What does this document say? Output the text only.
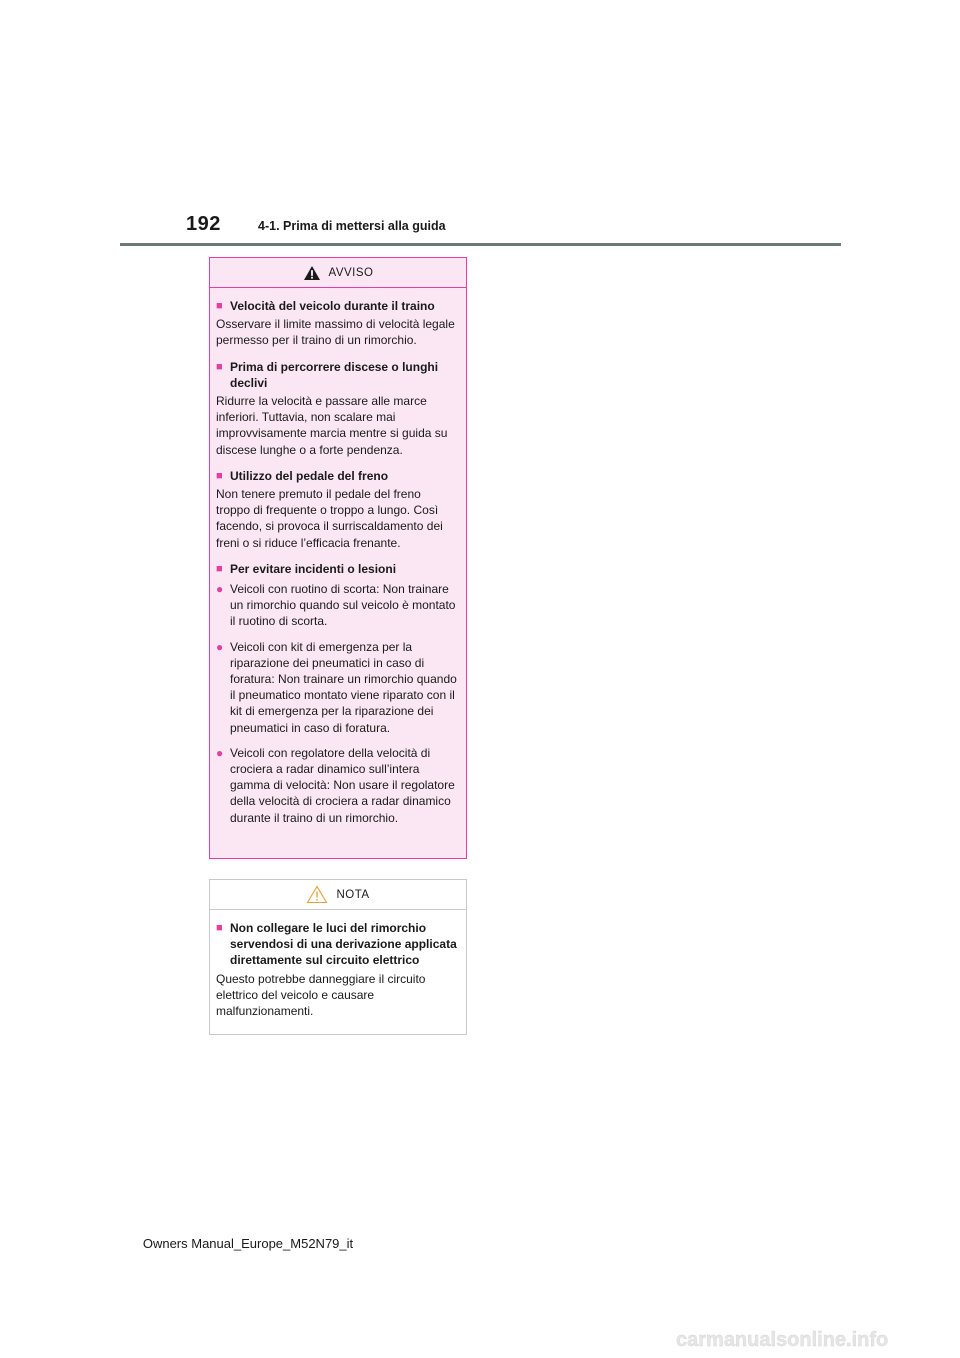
192	4-1. Prima di mettersi alla guida
AVVISO
■ Velocità del veicolo durante il traino
Osservare il limite massimo di velocità legale permesso per il traino di un rimorchio.
■ Prima di percorrere discese o lunghi declivi
Ridurre la velocità e passare alle marce inferiori. Tuttavia, non scalare mai improvvisamente marcia mentre si guida su discese lunghe o a forte pendenza.
■ Utilizzo del pedale del freno
Non tenere premuto il pedale del freno troppo di frequente o troppo a lungo. Così facendo, si provoca il surriscaldamento dei freni o si riduce l’efficacia frenante.
■ Per evitare incidenti o lesioni
● Veicoli con ruotino di scorta: Non trainare un rimorchio quando sul veicolo è montato il ruotino di scorta.
● Veicoli con kit di emergenza per la riparazione dei pneumatici in caso di foratura: Non trainare un rimorchio quando il pneumatico montato viene riparato con il kit di emergenza per la riparazione dei pneumatici in caso di foratura.
● Veicoli con regolatore della velocità di crociera a radar dinamico sull’intera gamma di velocità: Non usare il regolatore della velocità di crociera a radar dinamico durante il traino di un rimorchio.
NOTA
■ Non collegare le luci del rimorchio servendosi di una derivazione applicata direttamente sul circuito elettrico
Questo potrebbe danneggiare il circuito elettrico del veicolo e causare malfunzionamenti.
Owners Manual_Europe_M52N79_it
carmanualsonline.info
